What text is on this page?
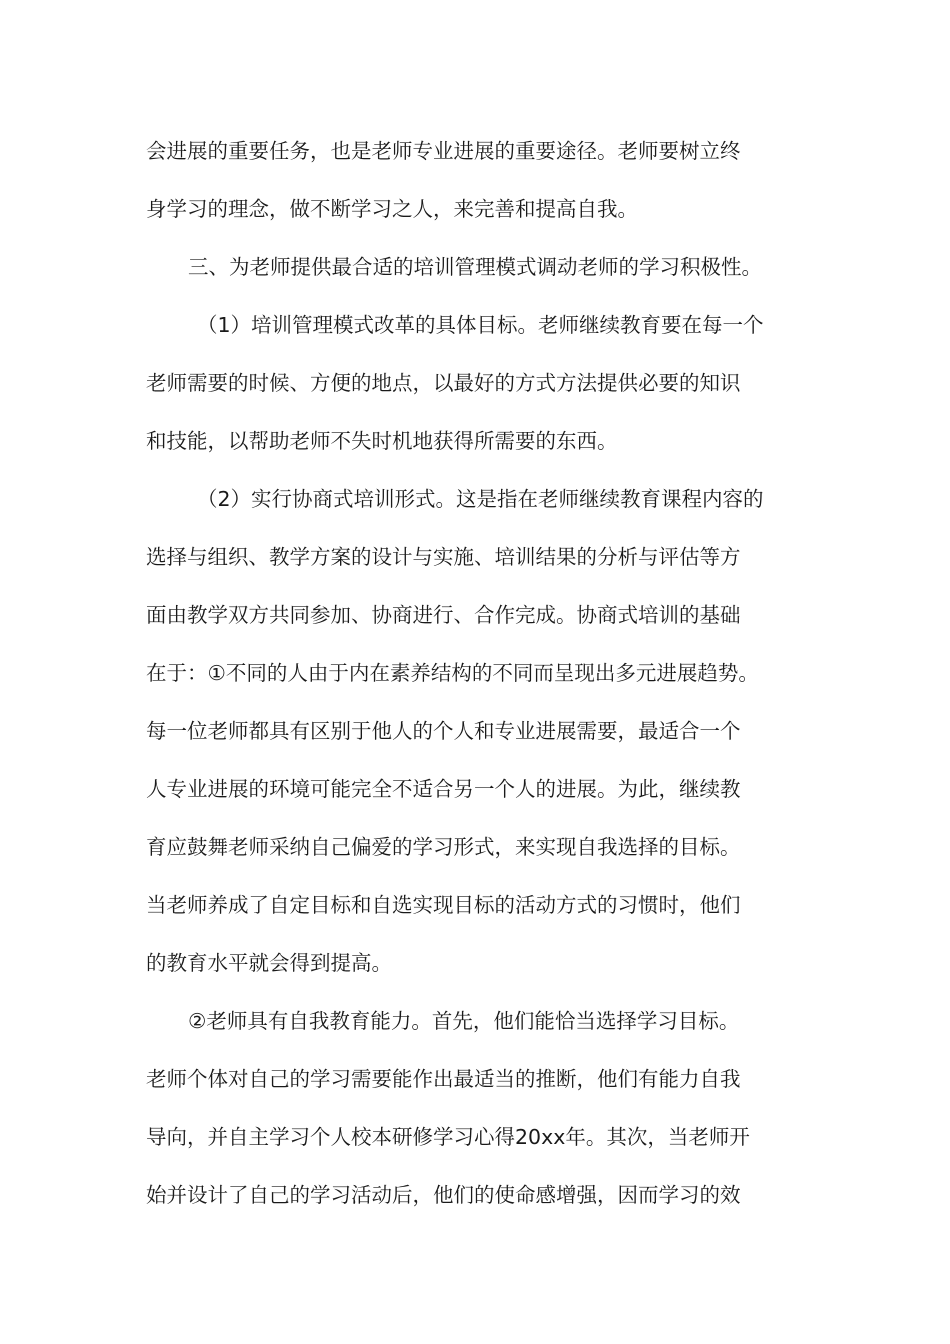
会进展的重要任务，也是老师专业进展的重要途径。老师要树立终
身学习的理念，做不断学习之人，来完善和提高自我。
三、为老师提供最合适的培训管理模式调动老师的学习积极性。
（1）培训管理模式改革的具体目标。老师继续教育要在每一个
老师需要的时候、方便的地点，以最好的方式方法提供必要的知识
和技能，以帮助老师不失时机地获得所需要的东西。
（2）实行协商式培训形式。这是指在老师继续教育课程内容的
选择与组织、教学方案的设计与实施、培训结果的分析与评估等方
面由教学双方共同参加、协商进行、合作完成。协商式培训的基础
在于：①不同的人由于内在素养结构的不同而呈现出多元进展趋势。
每一位老师都具有区别于他人的个人和专业进展需要，最适合一个
人专业进展的环境可能完全不适合另一个人的进展。为此，继续教
育应鼓舞老师采纳自己偏爱的学习形式，来实现自我选择的目标。
当老师养成了自定目标和自选实现目标的活动方式的习惯时，他们
的教育水平就会得到提高。
②老师具有自我教育能力。首先，他们能恰当选择学习目标。
老师个体对自己的学习需要能作出最适当的推断，他们有能力自我
导向，并自主学习个人校本研修学习心得20xx年。其次，当老师开
始并设计了自己的学习活动后，他们的使命感增强，因而学习的效
